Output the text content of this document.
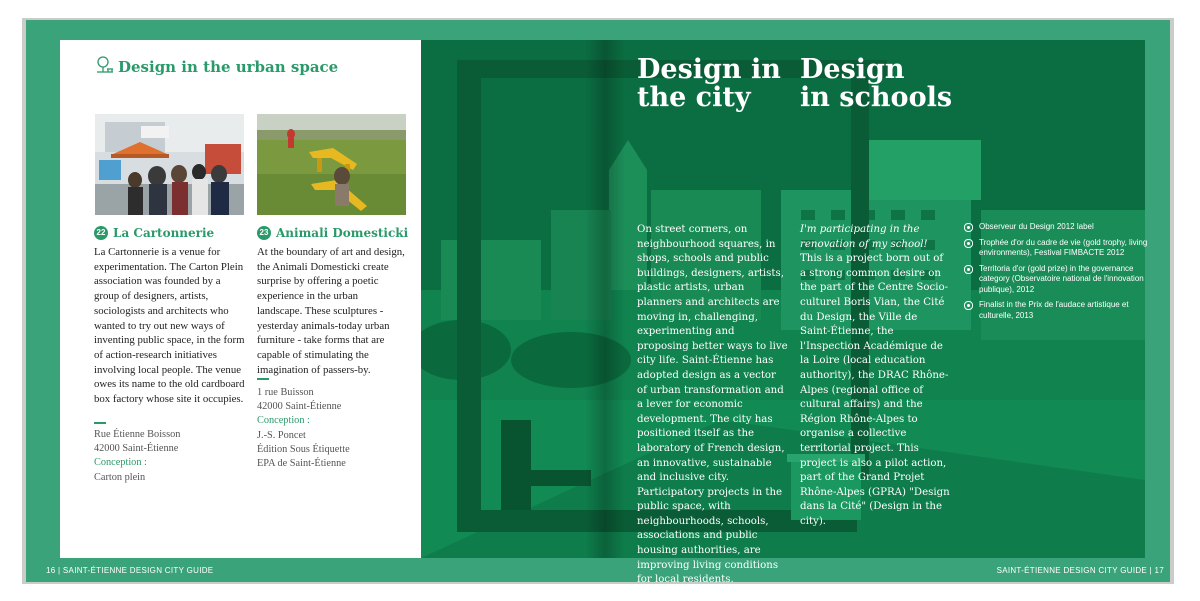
Design in the urban space
22 La Cartonnerie
La Cartonnerie is a venue for experimentation. The Carton Plein association was founded by a group of designers, artists, sociologists and architects who wanted to try out new ways of inventing public space, in the form of action-research initiatives involving local people. The venue owes its name to the old cardboard box factory whose site it occupies.
Rue Étienne Boisson
42000 Saint-Étienne
Conception :
Carton plein
23 Animali Domesticki
At the boundary of art and design, the Animali Domesticki create surprise by offering a poetic experience in the urban landscape. These sculptures - yesterday animals-today urban furniture - take forms that are capable of stimulating the imagination of passers-by.
1 rue Buisson
42000 Saint-Étienne
Conception :
J.-S. Poncet
Édition Sous Étiquette
EPA de Saint-Étienne
Design in
the city
Design
in schools
On street corners, on neighbourhood squares, in shops, schools and public buildings, designers, artists, plastic artists, urban planners and architects are moving in, challenging, experimenting and proposing better ways to live city life. Saint-Étienne has adopted design as a vector of urban transformation and a lever for economic development. The city has positioned itself as the laboratory of French design, an innovative, sustainable and inclusive city. Participatory projects in the public space, with neighbourhoods, schools, associations and public housing authorities, are improving living conditions for local residents.
I'm participating in the renovation of my school! This is a project born out of a strong common desire on the part of the Centre Socio-culturel Boris Vian, the Cité du Design, the Ville de Saint-Étienne, the l'Inspection Académique de la Loire (local education authority), the DRAC Rhône-Alpes (regional office of cultural affairs) and the Région Rhône-Alpes to organise a collective territorial project. This project is also a pilot action, part of the Grand Projet Rhône-Alpes (GPRA) "Design dans la Cité" (Design in the city).
Observeur du Design 2012 label
Trophée d'or du cadre de vie (gold trophy, living environments), Festival FIMBACTE 2012
Territoria d'or (gold prize) in the governance category (Observatoire national de l'innovation publique), 2012
Finalist in the Prix de l'audace artistique et culturelle, 2013
16 | SAINT-ÉTIENNE DESIGN CITY GUIDE	SAINT-ÉTIENNE DESIGN CITY GUIDE | 17
